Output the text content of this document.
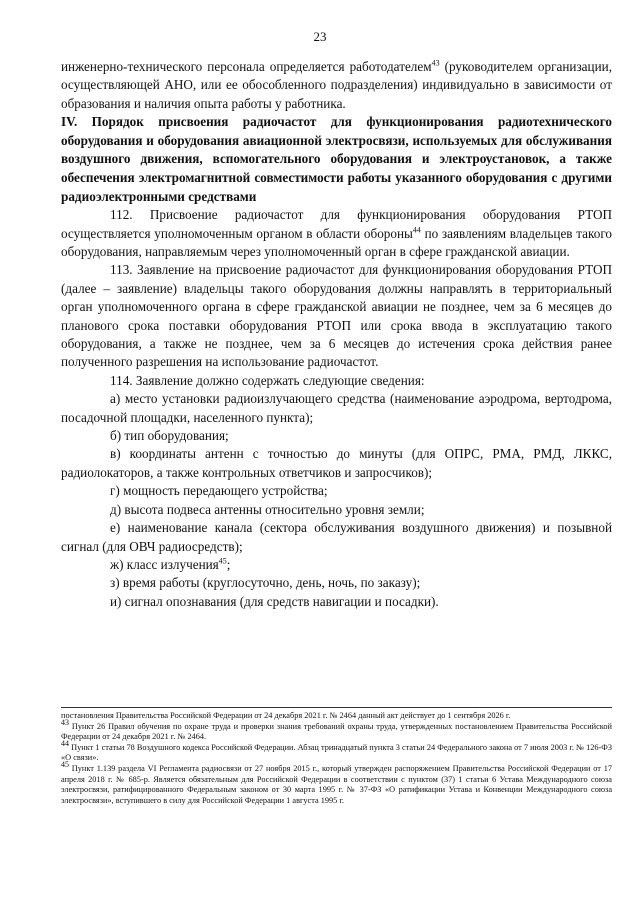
23

инженерно-технического персонала определяется работодателем$^{43}$ (руководителем организации, осуществляющей АНО, или ее обособленного подразделения) индивидуально в зависимости от образования и наличия опыта работы у работника.

IV. Порядок присвоения радиочастот для функционирования радиотехнического оборудования и оборудования авиационной электросвязи, используемых для обслуживания воздушного движения, вспомогательного оборудования и электроустановок, а также обеспечения электромагнитной совместимости работы указанного оборудования с другими радиоэлектронными средствами

112. Присвоение радиочастот для функционирования оборудования РТОП осуществляется уполномоченным органом в области обороны$^{44}$ по заявлениям владельцев такого оборудования, направляемым через уполномоченный орган в сфере гражданской авиации.

113. Заявление на присвоение радиочастот для функционирования оборудования РТОП (далее – заявление) владельцы такого оборудования должны направлять в территориальный орган уполномоченного органа в сфере гражданской авиации не позднее, чем за 6 месяцев до планового срока поставки оборудования РТОП или срока ввода в эксплуатацию такого оборудования, а также не позднее, чем за 6 месяцев до истечения срока действия ранее полученного разрешения на использование радиочастот.

114. Заявление должно содержать следующие сведения:

а) место установки радиоизлучающего средства (наименование аэродрома, вертодрома, посадочной площадки, населенного пункта);

б) тип оборудования;

в) координаты антенн с точностью до минуты (для ОПРС, РМА, РМД, ЛККС, радиолокаторов, а также контрольных ответчиков и запросчиков);

г) мощность передающего устройства;

д) высота подвеса антенны относительно уровня земли;

е) наименование канала (сектора обслуживания воздушного движения) и позывной сигнал (для ОВЧ радиосредств);

ж) класс излучения$^{45}$;

з) время работы (круглосуточно, день, ночь, по заказу);

и) сигнал опознавания (для средств навигации и посадки).

постановления Правительства Российской Федерации от 24 декабря 2021 г. № 2464 данный акт действует до 1 сентября 2026 г.

$^{43}$ Пункт 26 Правил обучения по охране труда и проверки знания требований охраны труда, утвержденных постановлением Правительства Российской Федерации от 24 декабря 2021 г. № 2464.

$^{44}$ Пункт 1 статьи 78 Воздушного кодекса Российской Федерации. Абзац тринадцатый пункта 3 статьи 24 Федерального закона от 7 июля 2003 г. № 126-ФЗ «О связи».

$^{45}$ Пункт 1.139 раздела VI Регламента радиосвязи от 27 ноября 2015 г., который утвержден распоряжением Правительства Российской Федерации от 17 апреля 2018 г. № 685-р. Является обязательным для Российской Федерации в соответствии с пунктом (37) 1 статьи 6 Устава Международного союза электросвязи, ратифицированного Федеральным законом от 30 марта 1995 г. № 37-ФЗ «О ратификации Устава и Конвенции Международного союза электросвязи», вступившего в силу для Российской Федерации 1 августа 1995 г.
